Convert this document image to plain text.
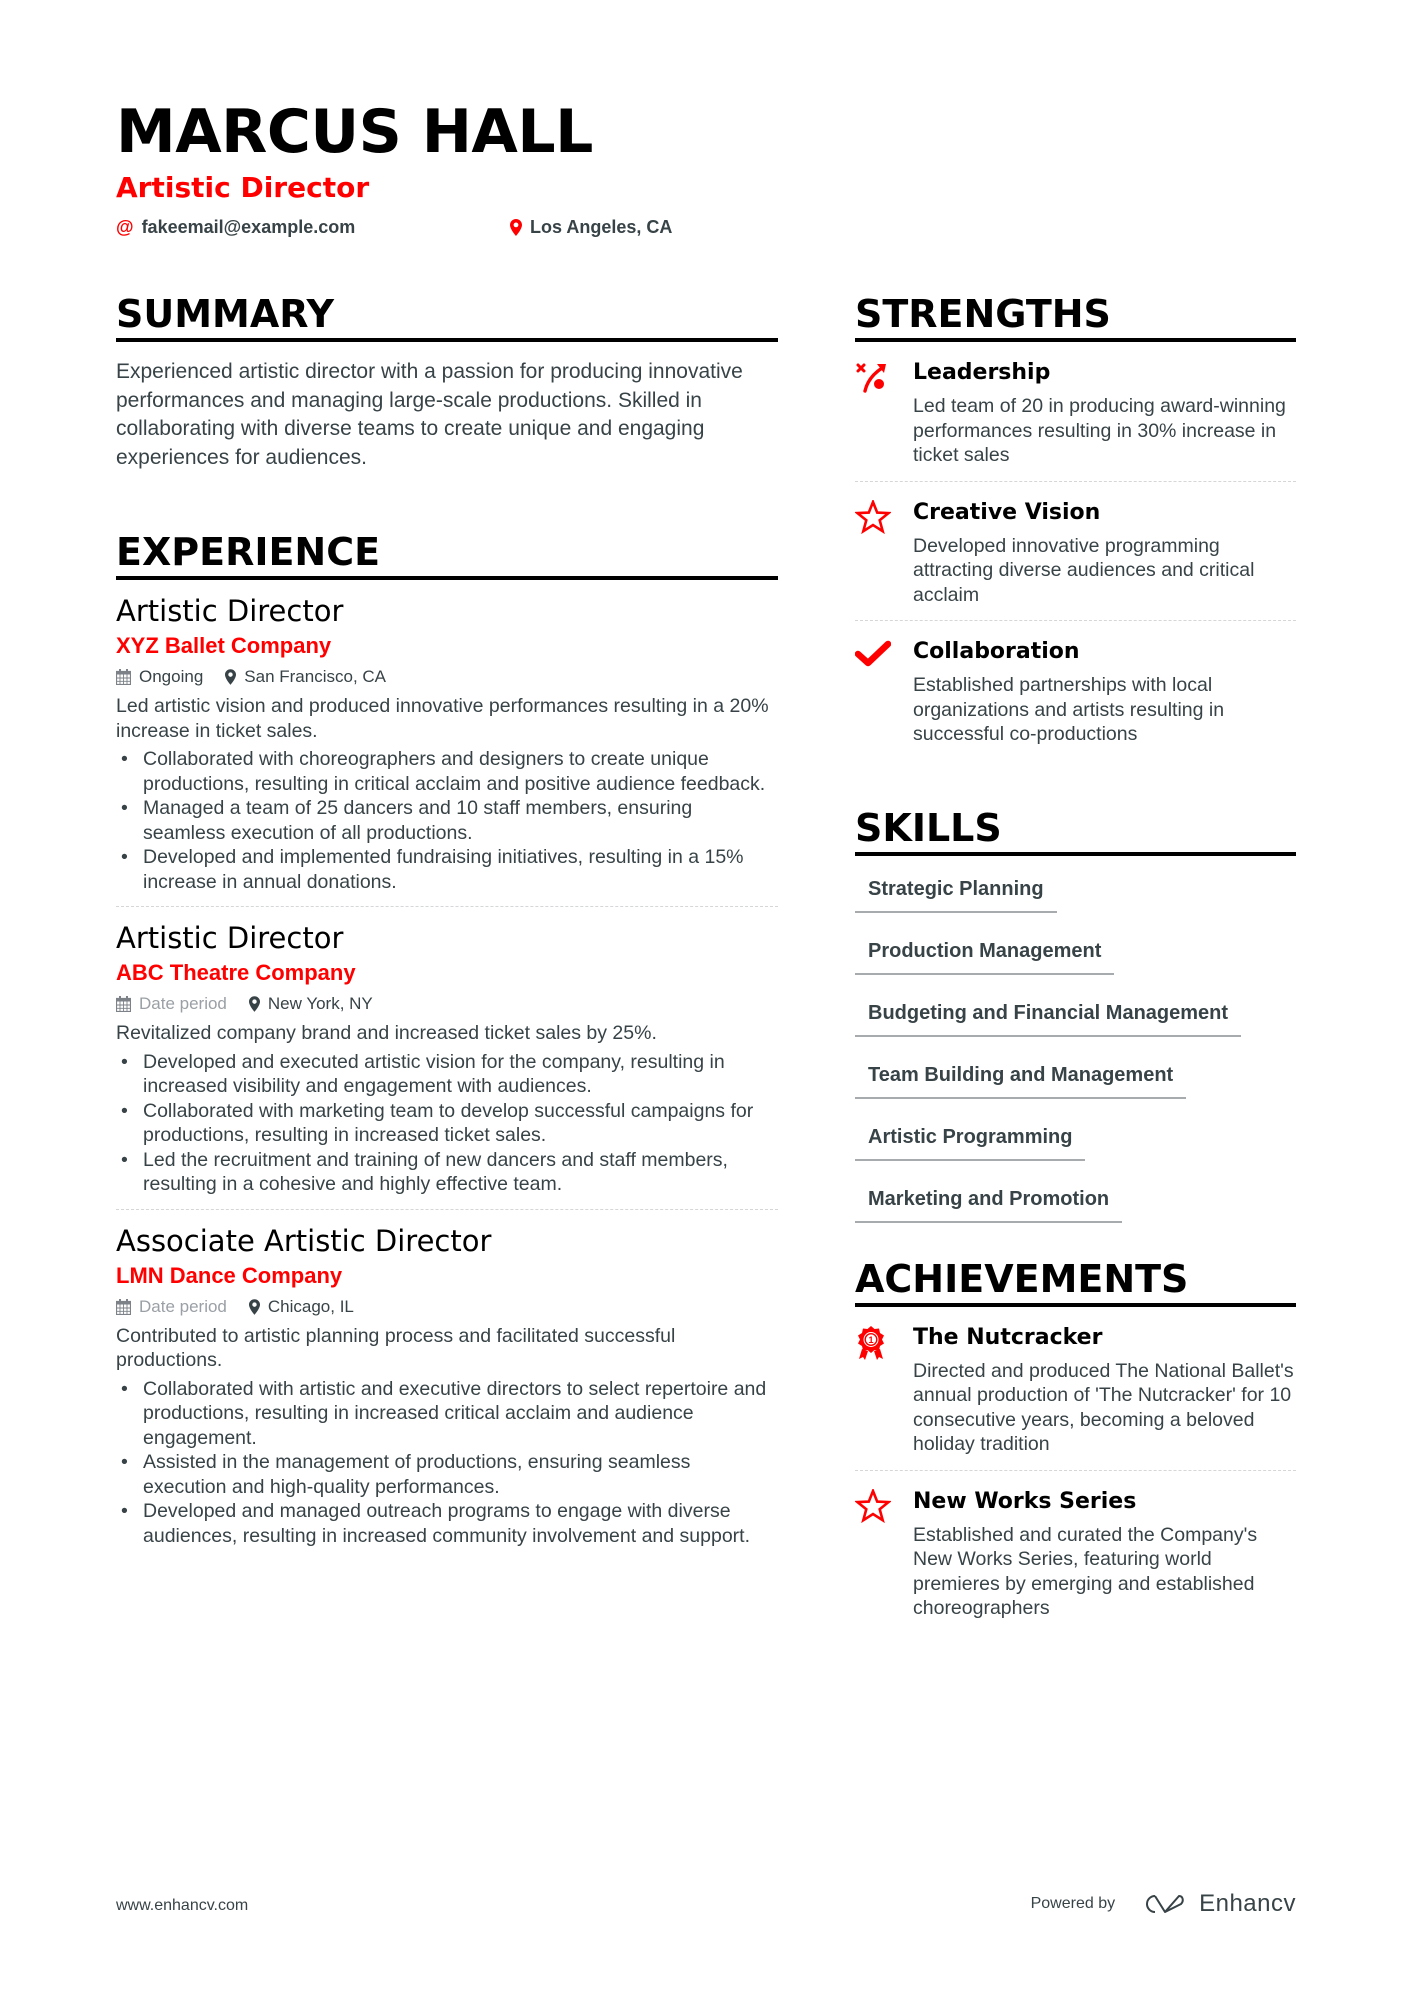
MARCUS HALL
Artistic Director
@ fakeemail@example.com	Los Angeles, CA
SUMMARY

Experienced artistic director with a passion for producing innovative performances and managing large-scale productions. Skilled in collaborating with diverse teams to create unique and engaging experiences for audiences.

EXPERIENCE
Artistic Director
XYZ Ballet Company
Ongoing San Francisco, CA

Led artistic vision and produced innovative performances resulting in a 20% increase in ticket sales.

• Collaborated with choreographers and designers to create unique productions, resulting in critical acclaim and positive audience feedback.
• Managed a team of 25 dancers and 10 staff members, ensuring seamless execution of all productions.
• Developed and implemented fundraising initiatives, resulting in a 15% increase in annual donations.
Artistic Director
ABC Theatre Company
Date period New York, NY

Revitalized company brand and increased ticket sales by 25%.

• Developed and executed artistic vision for the company, resulting in increased visibility and engagement with audiences.
• Collaborated with marketing team to develop successful campaigns for productions, resulting in increased ticket sales.
• Led the recruitment and training of new dancers and staff members, resulting in a cohesive and highly effective team.
Associate Artistic Director
LMN Dance Company
Date period Chicago, IL

Contributed to artistic planning process and facilitated successful productions.

• Collaborated with artistic and executive directors to select repertoire and productions, resulting in increased critical acclaim and audience engagement.
• Assisted in the management of productions, ensuring seamless execution and high-quality performances.
• Developed and managed outreach programs to engage with diverse audiences, resulting in increased community involvement and support.
STRENGTHS
Leadership
Led team of 20 in producing award-winning performances resulting in 30% increase in ticket sales
Creative Vision
Developed innovative programming attracting diverse audiences and critical acclaim
Collaboration
Established partnerships with local organizations and artists resulting in successful co-productions
SKILLS
Strategic Planning
Production Management
Budgeting and Financial Management
Team Building and Management
Artistic Programming
Marketing and Promotion
ACHIEVEMENTS
1 The Nutcracker
Directed and produced The National Ballet's annual production of 'The Nutcracker' for 10 consecutive years, becoming a beloved holiday tradition
New Works Series
Established and curated the Company's New Works Series, featuring world premieres by emerging and established choreographers
www.enhancv.com	Powered by	Enhancv
